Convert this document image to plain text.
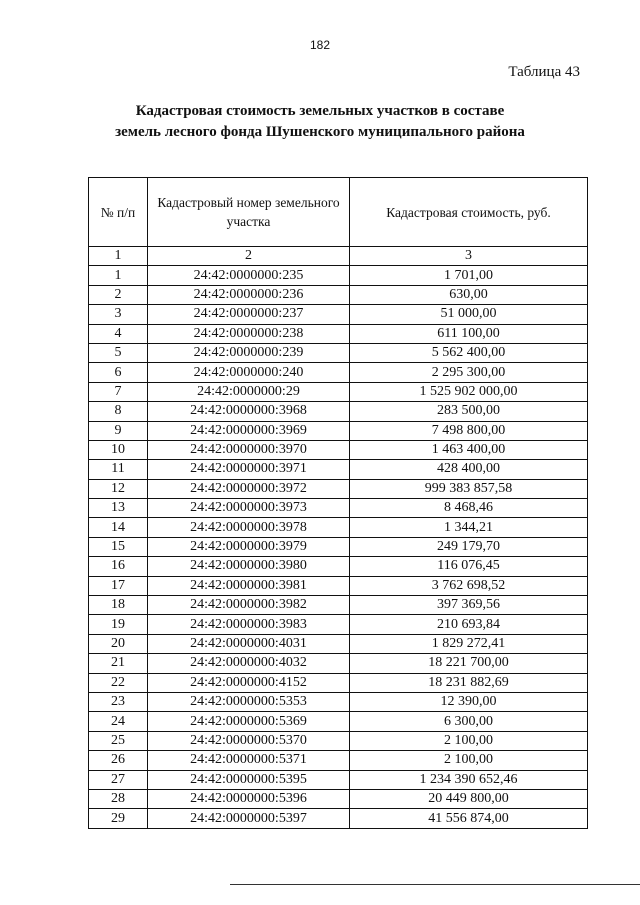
182
Таблица 43
Кадастровая стоимость земельных участков в составе
земель лесного фонда Шушенского муниципального района
№ п/п	Кадастровый номер земельного участка	Кадастровая стоимость, руб.
1	2	3
1	24:42:0000000:235	1 701,00
2	24:42:0000000:236	630,00
3	24:42:0000000:237	51 000,00
4	24:42:0000000:238	611 100,00
5	24:42:0000000:239	5 562 400,00
6	24:42:0000000:240	2 295 300,00
7	24:42:0000000:29	1 525 902 000,00
8	24:42:0000000:3968	283 500,00
9	24:42:0000000:3969	7 498 800,00
10	24:42:0000000:3970	1 463 400,00
11	24:42:0000000:3971	428 400,00
12	24:42:0000000:3972	999 383 857,58
13	24:42:0000000:3973	8 468,46
14	24:42:0000000:3978	1 344,21
15	24:42:0000000:3979	249 179,70
16	24:42:0000000:3980	116 076,45
17	24:42:0000000:3981	3 762 698,52
18	24:42:0000000:3982	397 369,56
19	24:42:0000000:3983	210 693,84
20	24:42:0000000:4031	1 829 272,41
21	24:42:0000000:4032	18 221 700,00
22	24:42:0000000:4152	18 231 882,69
23	24:42:0000000:5353	12 390,00
24	24:42:0000000:5369	6 300,00
25	24:42:0000000:5370	2 100,00
26	24:42:0000000:5371	2 100,00
27	24:42:0000000:5395	1 234 390 652,46
28	24:42:0000000:5396	20 449 800,00
29	24:42:0000000:5397	41 556 874,00
